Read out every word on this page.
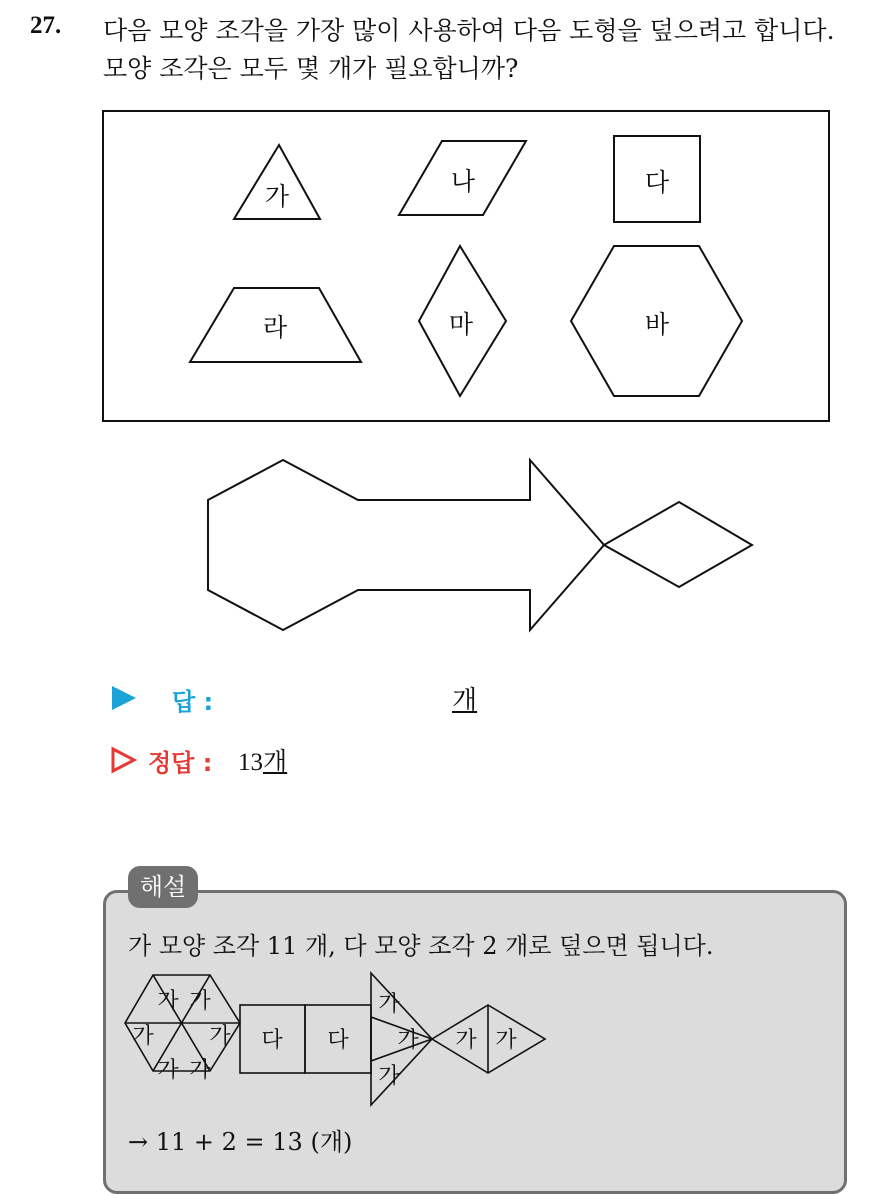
27. 다음 모양 조각을 가장 많이 사용하여 다음 도형을 덮으려고 합니다.
모양 조각은 모두 몇 개가 필요합니까?
가
나	다
라	마	바
답 :	개
정답 : 13개
해설
가 모양 조각 11 개, 다 모양 조각 2 개로 덮으면 됩니다.
가 가
가	가
가 가
다 다
가
가
가
가 가
→ 11 + 2 = 13 (개)
